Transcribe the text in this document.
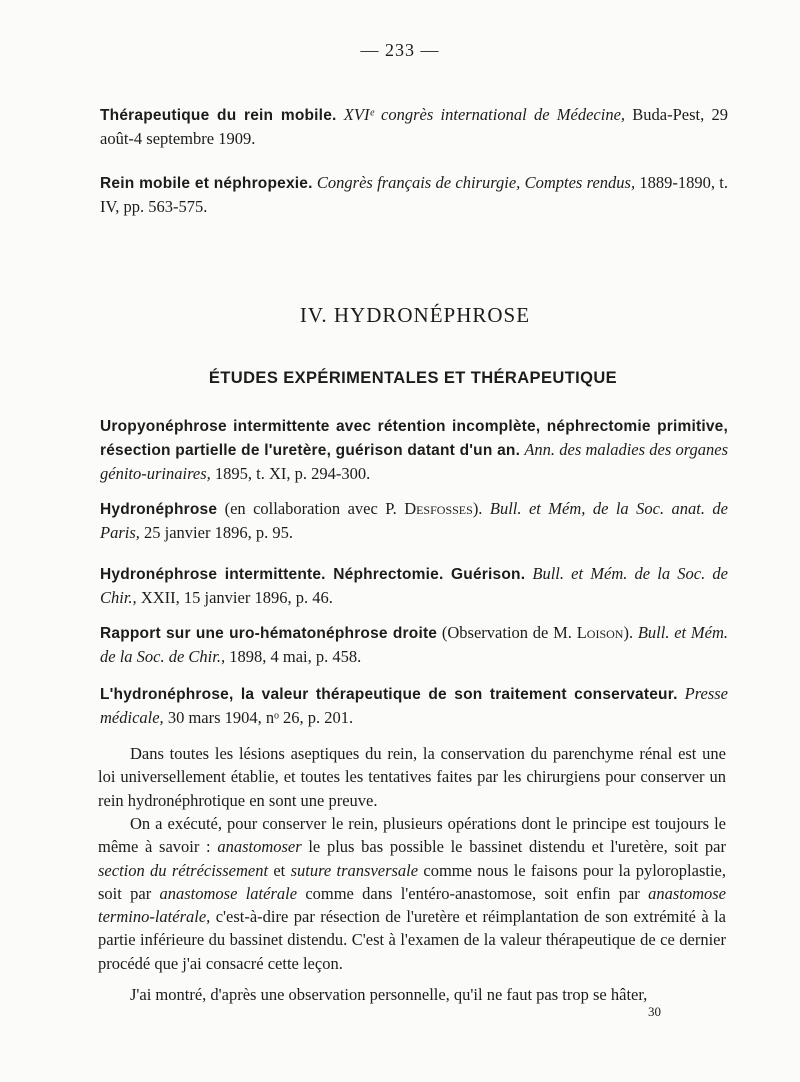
— 233 —
Thérapeutique du rein mobile. XVIᵉ congrès international de Médecine, Buda-Pest, 29 août-4 septembre 1909.
Rein mobile et néphropexie. Congrès français de chirurgie, Comptes rendus, 1889-1890, t. IV, pp. 563-575.
IV. HYDRONÉPHROSE
ÉTUDES EXPÉRIMENTALES ET THÉRAPEUTIQUE
Uropyonéphrose intermittente avec rétention incomplète, néphrectomie primitive, résection partielle de l'uretère, guérison datant d'un an. Ann. des maladies des organes génito-urinaires, 1895, t. XI, p. 294-300.
Hydronéphrose (en collaboration avec P. Desfosses). Bull. et Mém, de la Soc. anat. de Paris, 25 janvier 1896, p. 95.
Hydronéphrose intermittente. Néphrectomie. Guérison. Bull. et Mém. de la Soc. de Chir., XXII, 15 janvier 1896, p. 46.
Rapport sur une uro-hématonéphrose droite (Observation de M. Loison). Bull. et Mém. de la Soc. de Chir., 1898, 4 mai, p. 458.
L'hydronéphrose, la valeur thérapeutique de son traitement conservateur. Presse médicale, 30 mars 1904, nᵒ 26, p. 201.
Dans toutes les lésions aseptiques du rein, la conservation du parenchyme rénal est une loi universellement établie, et toutes les tentatives faites par les chirurgiens pour conserver un rein hydronéphrotique en sont une preuve.
On a exécuté, pour conserver le rein, plusieurs opérations dont le principe est toujours le même à savoir : anastomoser le plus bas possible le bassinet distendu et l'uretère, soit par section du rétrécissement et suture transversale comme nous le faisons pour la pyloroplastie, soit par anastomose latérale comme dans l'entéro-anastomose, soit enfin par anastomose termino-latérale, c'est-à-dire par résection de l'uretère et réimplantation de son extrémité à la partie inférieure du bassinet distendu. C'est à l'examen de la valeur thérapeutique de ce dernier procédé que j'ai consacré cette leçon.
J'ai montré, d'après une observation personnelle, qu'il ne faut pas trop se hâter,
30
